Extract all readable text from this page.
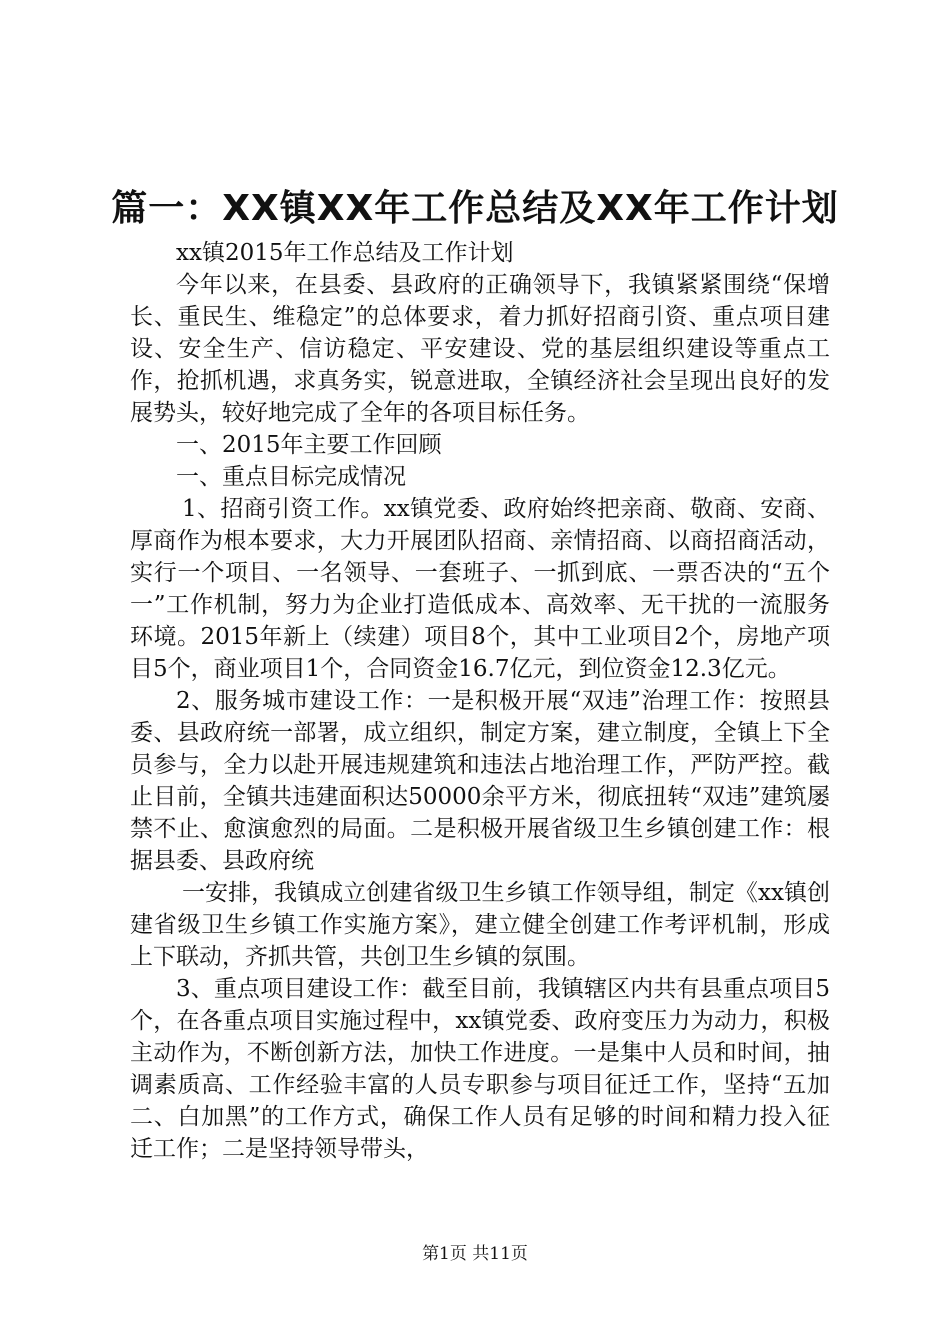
篇一：XX镇XX年工作总结及XX年工作计划

xx镇2015年工作总结及工作计划

今年以来，在县委、县政府的正确领导下，我镇紧紧围绕“保增长、重民生、维稳定”的总体要求，着力抓好招商引资、重点项目建设、安全生产、信访稳定、平安建设、党的基层组织建设等重点工作，抢抓机遇，求真务实，锐意进取，全镇经济社会呈现出良好的发展势头，较好地完成了全年的各项目标任务。

一、2015年主要工作回顾

一、重点目标完成情况

1、招商引资工作。xx镇党委、政府始终把亲商、敬商、安商、厚商作为根本要求，大力开展团队招商、亲情招商、以商招商活动，实行一个项目、一名领导、一套班子、一抓到底、一票否决的“五个一”工作机制，努力为企业打造低成本、高效率、无干扰的一流服务环境。2015年新上（续建）项目8个，其中工业项目2个，房地产项目5个，商业项目1个，合同资金16.7亿元，到位资金12.3亿元。

2、服务城市建设工作：一是积极开展“双违”治理工作：按照县委、县政府统一部署，成立组织，制定方案，建立制度，全镇上下全员参与，全力以赴开展违规建筑和违法占地治理工作，严防严控。截止目前，全镇共违建面积达50000余平方米，彻底扭转“双违”建筑屡禁不止、愈演愈烈的局面。二是积极开展省级卫生乡镇创建工作：根据县委、县政府统

一安排，我镇成立创建省级卫生乡镇工作领导组，制定《xx镇创建省级卫生乡镇工作实施方案》，建立健全创建工作考评机制，形成上下联动，齐抓共管，共创卫生乡镇的氛围。

3、重点项目建设工作：截至目前，我镇辖区内共有县重点项目5个，在各重点项目实施过程中，xx镇党委、政府变压力为动力，积极主动作为，不断创新方法，加快工作进度。一是集中人员和时间，抽调素质高、工作经验丰富的人员专职参与项目征迁工作，坚持“五加二、白加黑”的工作方式，确保工作人员有足够的时间和精力投入征迁工作；二是坚持领导带头，

第1页 共11页
